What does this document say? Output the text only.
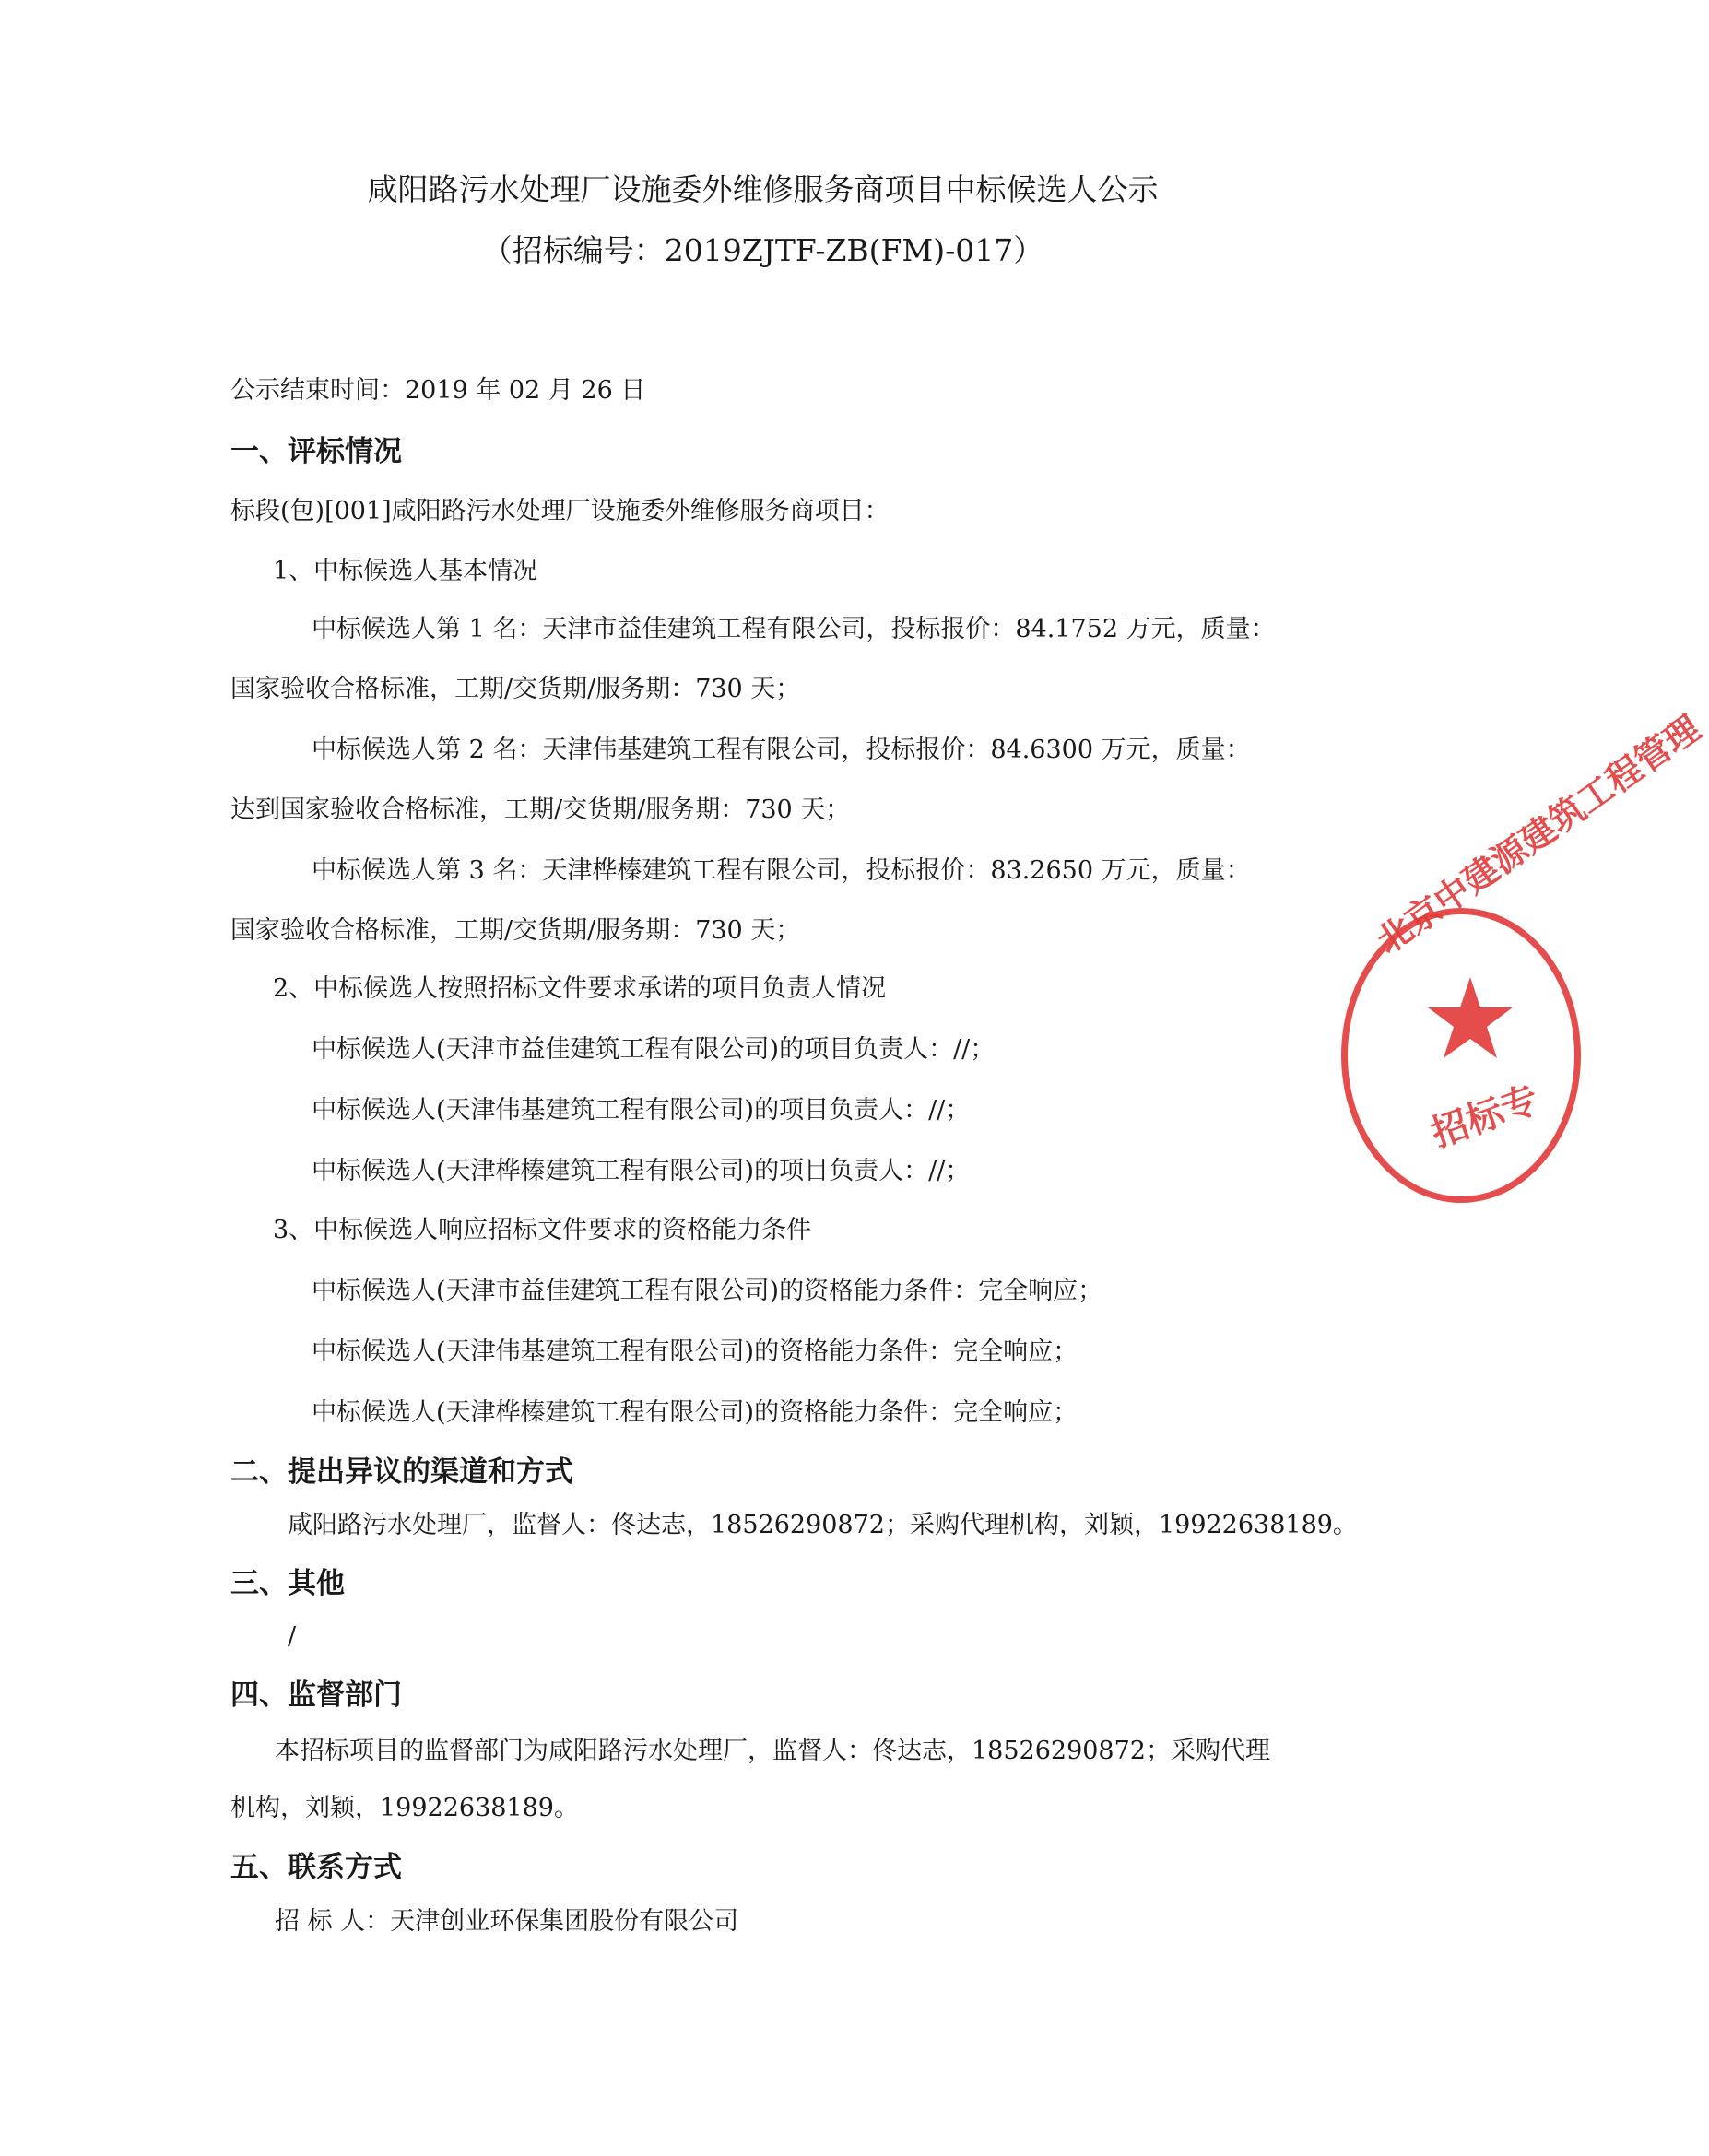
咸阳路污水处理厂设施委外维修服务商项目中标候选人公示
（招标编号：2019ZJTF-ZB(FM)-017）
公示结束时间：2019 年 02 月 26 日
一、评标情况
标段(包)[001]咸阳路污水处理厂设施委外维修服务商项目：
1、中标候选人基本情况
中标候选人第 1 名：天津市益佳建筑工程有限公司，投标报价：84.1752 万元，质量：
国家验收合格标准，工期/交货期/服务期：730 天；
中标候选人第 2 名：天津伟基建筑工程有限公司，投标报价：84.6300 万元，质量：
达到国家验收合格标准，工期/交货期/服务期：730 天；
中标候选人第 3 名：天津桦榛建筑工程有限公司，投标报价：83.2650 万元，质量：
国家验收合格标准，工期/交货期/服务期：730 天；
2、中标候选人按照招标文件要求承诺的项目负责人情况
中标候选人(天津市益佳建筑工程有限公司)的项目负责人：//；
中标候选人(天津伟基建筑工程有限公司)的项目负责人：//；
中标候选人(天津桦榛建筑工程有限公司)的项目负责人：//；
3、中标候选人响应招标文件要求的资格能力条件
中标候选人(天津市益佳建筑工程有限公司)的资格能力条件：完全响应；
中标候选人(天津伟基建筑工程有限公司)的资格能力条件：完全响应；
中标候选人(天津桦榛建筑工程有限公司)的资格能力条件：完全响应；
二、提出异议的渠道和方式
咸阳路污水处理厂，监督人：佟达志，18526290872；采购代理机构，刘颖，19922638189。
三、其他
/
四、监督部门
本招标项目的监督部门为咸阳路污水处理厂，监督人：佟达志，18526290872；采购代理
机构，刘颖，19922638189。
五、联系方式
招 标 人：天津创业环保集团股份有限公司
北京中建源建筑工程管理
招标专
